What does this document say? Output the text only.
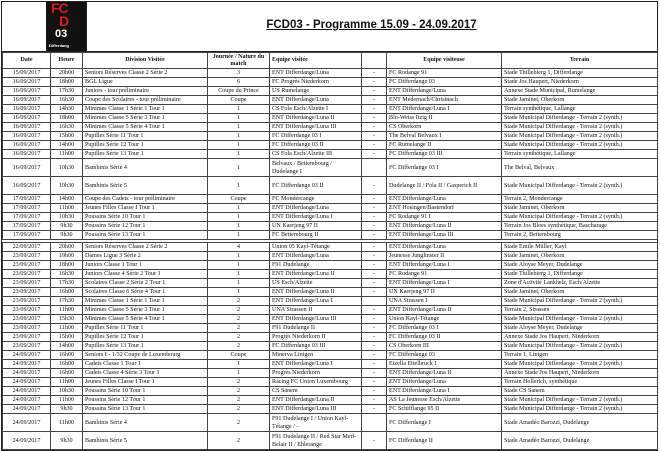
FC
D
03
Differdang
FCD03 - Programme 15.09 - 24.09.2017
Date	Heure	Division Visitée	Journée / Nature du match	Equipe visitée		Equipe visiteuse	Terrain
15/09/2017	20h00	Seniors Réserves Classe 2 Série 2	3	ENT Differdange/Luna	-	FC Rodange 91	Stade Thillebierg 1, Differdange
16/09/2017	18h00	BGL Ligue	6	FC Progrès Niederkorn	-	FC Differdange 03	Stade Jos Haupert, Niederkorn
16/09/2017	17h30	Juniors - tour préliminaire	Coupe du Prince	US Rumelange	-	ENT Differdange/Luna	Annexe Stade Municipal, Rumelange
16/09/2017	16h30	Coupe des Scolaires - tour préliminaire	Coupe	ENT Differdange/Luna	-	ENT Medernach/Christnach	Stade Jaminet, Oberkorn
16/09/2017	14h30	Minimes Classe 1 Série 1 Tour 1	1	CS Fola Esch/Alzette I	-	ENT Differdange/Luna I	Terrain synthétique, Lallange
16/09/2017	18h00	Minimes Classe 5 Série 3 Tour 1	1	ENT Differdange/Luna II	-	Blo-Weiss Itzig II	Stade Municipal Differdange - Terrain 2 (synth.)
16/09/2017	16h30	Minimes Classe 5 Série 4 Tour 1	1	ENT Differdange/Luna III	-	CS Oberkorn	Stade Municipal Differdange - Terrain 2 (synth.)
16/09/2017	15h00	Pupilles Série 11 Tour 1	1	FC Differdange 03 I	-	The Belval Belvaux I	Stade Municipal Differdange - Terrain 2 (synth.)
16/09/2017	14h00	Pupilles Série 12 Tour 1	1	FC Differdange 03 II	-	FC Rumelange II	Stade Municipal Differdange - Terrain 2 (synth.)
16/09/2017	11h00	Pupilles Série 13 Tour 1	1	CS Fola Esch/Alzette III	-	FC Differdange 03 III	Terrain synthétique, Lallange
16/09/2017	10h30	Bambinis Série 4	1	Belvaux / Bettembourg / Dudelange I		FC Differdange 03 I	The Belval, Belvaux
16/09/2017	10h30	Bambinis Série 5	1	FC Differdange 03 II	-	Dudelange II / Fola II / Gasperich II	Stade Municipal Differdange - Terrain 2 (synth.)
17/09/2017	14h00	Coupe des Cadets - tour préliminaire	Coupe	FC Mondercange	-	ENT Differdange/Luna	Terrain 2, Mondercange
17/09/2017	11h00	Jeunes Filles Classe I Tour 1	1	ENT Differdange/Luna	-	ENT Hosingen/Bastendorf	Stade Jaminet, Oberkorn
17/09/2017	10h30	Poussins Série 10 Tour 1	1	ENT Differdange/Luna I	-	FC Rodange 91 I	Stade Municipal Differdange - Terrain 2 (synth.)
17/09/2017	9h30	Poussins Série 12 Tour 1	1	UN Kaerjeng 97 II	-	ENT Differdange/Luna II	Terrain Jos Bloes synthétique, Bascharage
17/09/2017	9h30	Poussins Série 13 Tour 1	1	FC Bettembourg II	-	ENT Differdange/Luna III	Terrain 2, Bettembourg

22/09/2017	20h00	Seniors Réserves Classe 2 Série 2	4	Union 05 Kayl-Tétange	-	ENT Differdange/Luna	Stade Emile Müller, Kayl
23/09/2017	19h00	Dames Ligue 3 Série 2	1	ENT Differdange/Luna	-	Jeunesse Junglinster II	Stade Jaminet, Oberkorn
23/09/2017	18h00	Juniors Classe 1 Tour 1	1	F91 Dudelange	-	ENT Differdange/Luna I	Stade Aloyse Meyer, Dudelange
23/09/2017	16h30	Juniors Classe 4 Série 2 Tour 1	1	ENT Differdange/Luna II	-	FC Rodange 91	Stade Thillebierg 1, Differdange
23/09/2017	17h30	Scolaires Classe 2 Série 2 Tour 1	1	US Esch/Alzette	-	ENT Differdange/Luna I	Zone d'Activité Lankhelz, Esch/Alzette
23/09/2017	16h00	Scolaires Classe 6 Série 4 Tour 1	1	ENT Differdange/Luna II	-	UN Kaerjeng 97 II	Stade Jaminet, Oberkorn
23/09/2017	17h30	Minimes Classe 1 Série 1 Tour 1	2	ENT Differdange/Luna I		UNA Strassen I	Stade Municipal Differdange - Terrain 2 (synth.)
23/09/2017	11h00	Minimes Classe 5 Série 3 Tour 1	2	UNA Strassen II	-	ENT Differdange/Luna II	Terrain 2, Strassen
23/09/2017	15h30	Minimes Classe 5 Série 4 Tour 1	2	ENT Differdange/Luna III	-	Union Kayl-Tétange	Stade Municipal Differdange - Terrain 2 (synth.)
23/09/2017	11h00	Pupilles Série 11 Tour 1	2	F91 Dudelange II	-	FC Differdange 03 I	Stade Aloyse Meyer, Dudelange
23/09/2017	15h00	Pupilles Série 12 Tour 1	2	Progrès Niederkorn II	-	FC Differdange 03 II	Annexe Stade Jos Haupert, Niederkorn
23/09/2017	14h00	Pupilles Série 13 Tour 1	2	FC Differdange 03 III	-	CS Oberkorn III	Stade Municipal Differdange - Terrain 2 (synth.)
24/09/2017	16h00	Seniors I - 1/32 Coupe de Luxembourg	Coupe	Minerva Lintgen	-	FC Differdange 03	Terrain 1, Lintgen
24/09/2017	16h00	Cadets Classe 1 Tour 1	1	ENT Differdange/Luna I	-	Etzella Ettelbruck I	Stade Municipal Differdange - Terrain 2 (synth.)
24/09/2017	16h00	Cadets Classe 4 Série 3 Tour 1	1	Progrès Niederkorn	-	ENT Differdange/Luna II	Annexe Stade Jos Haupert, Niederkorn
24/09/2017	11h00	Jeunes Filles Classe I Tour 1	2	Racing FC Union Luxembourg	-	ENT Differdange/Luna	Terrain Hollerich, synthétique
24/09/2017	10h30	Poussins Série 10 Tour 1	2	CS Sanem	-	ENT Differdange/Luna I	Stade CS Sanem
24/09/2017	11h00	Poussins Série 12 Tour 1	2	ENT Differdange/Luna II	-	AS La Jeunesse Esch/Alzette	Stade Municipal Differdange - Terrain 2 (synth.)
24/09/2017	9h30	Poussins Série 13 Tour 1	2	ENT Differdange/Luna III	-	FC Schifflange 95 II	Stade Municipal Differdange - Terrain 2 (synth.)
24/09/2017	11h00	Bambinis Série 4	2	F91 Dudelange I / Union Kayl-Tétange / -		FC Differdange I	Stade Amadéo Barozzi, Dudelange
24/09/2017	9h30	Bambinis Série 5	2	F91 Dudelange II / Red Star Merl-Belair II / Ehlerange	-	FC Differdange II	Stade Amadéo Barozzi, Dudelange
